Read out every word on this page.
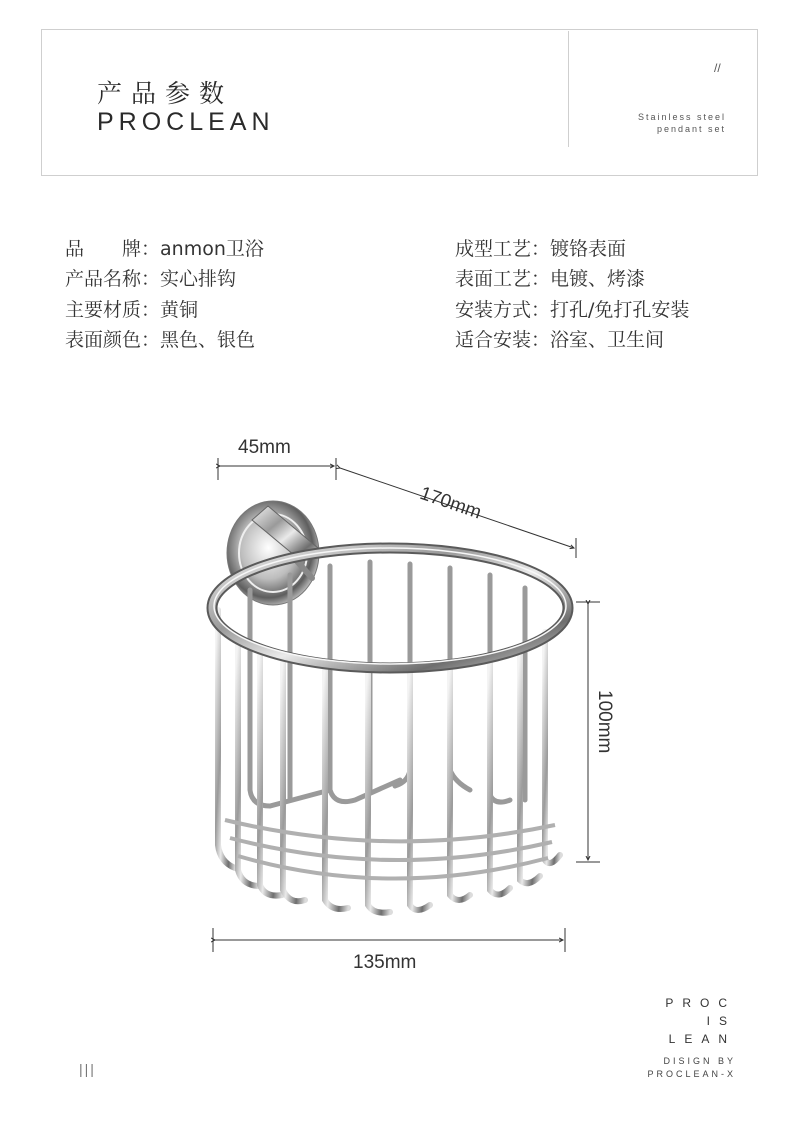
产品参数
PROCLEAN
//
Stainless steel
pendant set
品　　牌：anmon卫浴
产品名称：实心排钩
主要材质：黄铜
表面颜色：黑色、银色
成型工艺：镀铬表面
表面工艺：电镀、烤漆
安装方式：打孔/免打孔安装
适合安装：浴室、卫生间
45mm
170mm
100mm
135mm
PROC
IS
LEAN
DISIGN BY
PROCLEAN-X
|||
